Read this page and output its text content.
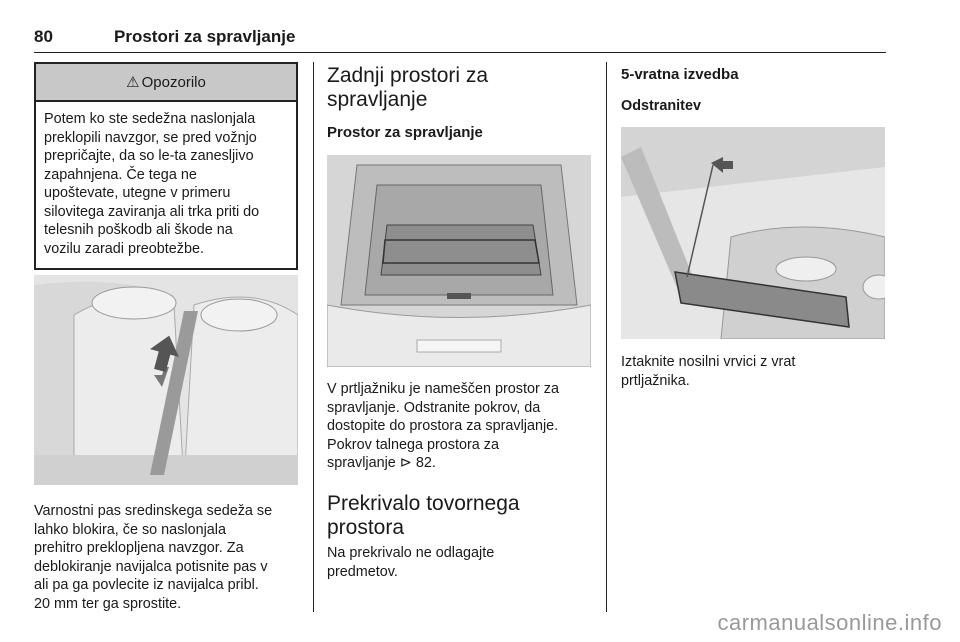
80	Prostori za spravljanje
⚠ Opozorilo
Potem ko ste sedežna naslonjala
preklopili navzgor, se pred vožnjo
prepričajte, da so le-ta zanesljivo
zapahnjena. Če tega ne
upoštevate, utegne v primeru
silovitega zaviranja ali trka priti do
telesnih poškodb ali škode na
vozilu zaradi preobtežbe.

Varnostni pas sredinskega sedeža se
lahko blokira, če so naslonjala
prehitro preklopljena navzgor. Za
deblokiranje navijalca potisnite pas v
ali pa ga povlecite iz navijalca pribl.
20 mm ter ga sprostite.

Zadnji prostori za
spravljanje
Prostor za spravljanje

V prtljažniku je nameščen prostor za
spravljanje. Odstranite pokrov, da
dostopite do prostora za spravljanje.
Pokrov talnega prostora za
spravljanje ⊳ 82.

Prekrivalo tovornega
prostora

Na prekrivalo ne odlagajte
predmetov.

5-vratna izvedba
Odstranitev

Iztaknite nosilni vrvici z vrat
prtljažnika.

carmanualsonline.info
